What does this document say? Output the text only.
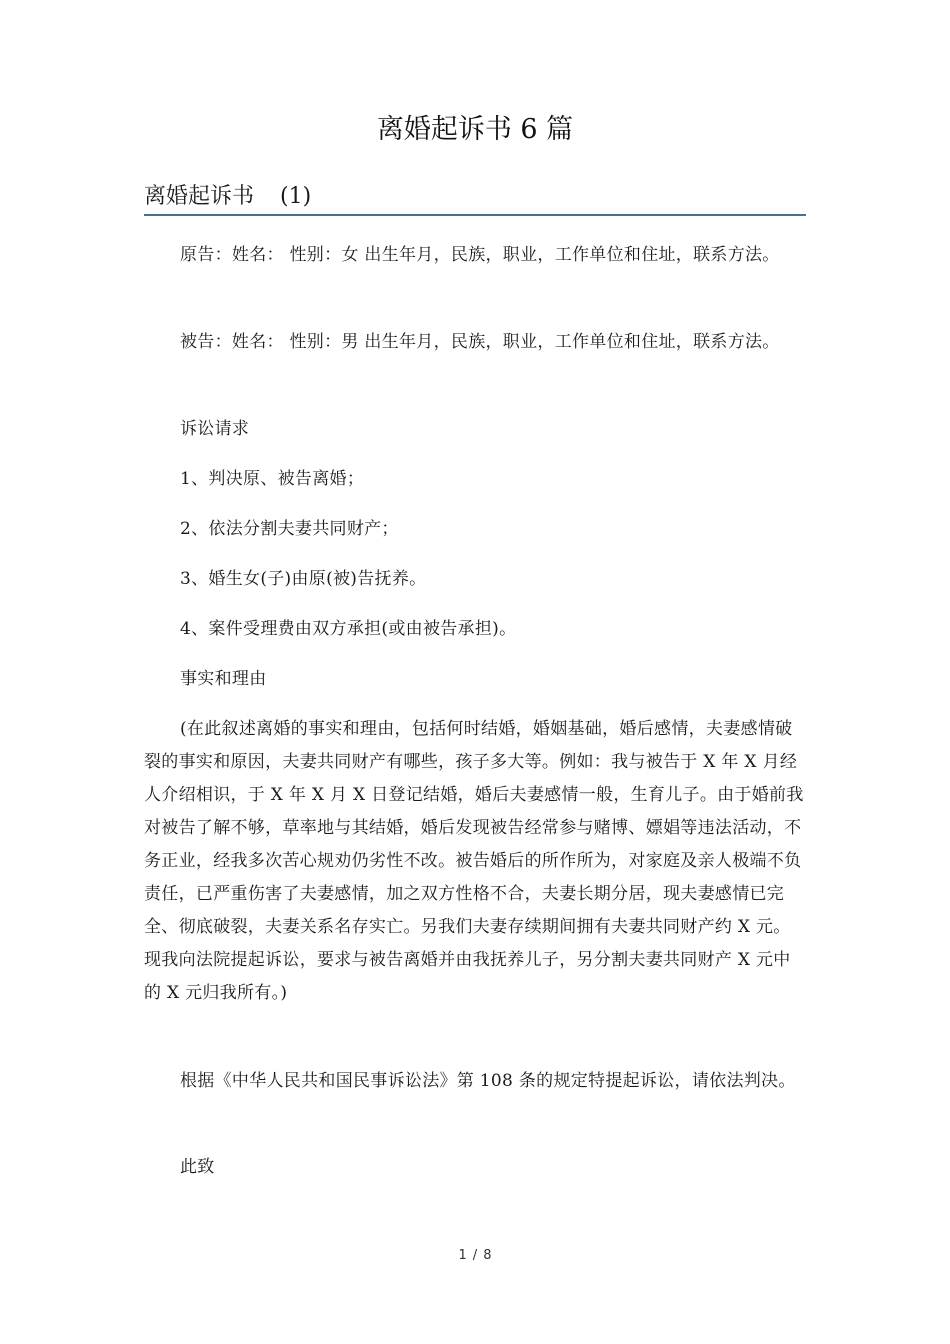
离婚起诉书 6 篇
离婚起诉书 (1)

原告：姓名： 性别：女 出生年月，民族，职业，工作单位和住址，联系方法。

被告：姓名： 性别：男 出生年月，民族，职业，工作单位和住址，联系方法。

诉讼请求

1、判决原、被告离婚；

2、依法分割夫妻共同财产；

3、婚生女(子)由原(被)告抚养。

4、案件受理费由双方承担(或由被告承担)。

事实和理由

(在此叙述离婚的事实和理由，包括何时结婚，婚姻基础，婚后感情，夫妻感情破裂的事实和原因，夫妻共同财产有哪些，孩子多大等。例如：我与被告于 X 年 X 月经人介绍相识，于 X 年 X 月 X 日登记结婚，婚后夫妻感情一般，生育儿子。由于婚前我对被告了解不够，草率地与其结婚，婚后发现被告经常参与赌博、嫖娼等违法活动，不务正业，经我多次苦心规劝仍劣性不改。被告婚后的所作所为，对家庭及亲人极端不负责任，已严重伤害了夫妻感情，加之双方性格不合，夫妻长期分居，现夫妻感情已完全、彻底破裂，夫妻关系名存实亡。另我们夫妻存续期间拥有夫妻共同财产约 X 元。现我向法院提起诉讼，要求与被告离婚并由我抚养儿子，另分割夫妻共同财产 X 元中的 X 元归我所有。)

根据《中华人民共和国民事诉讼法》第 108 条的规定特提起诉讼，请依法判决。

此致

1 / 8
